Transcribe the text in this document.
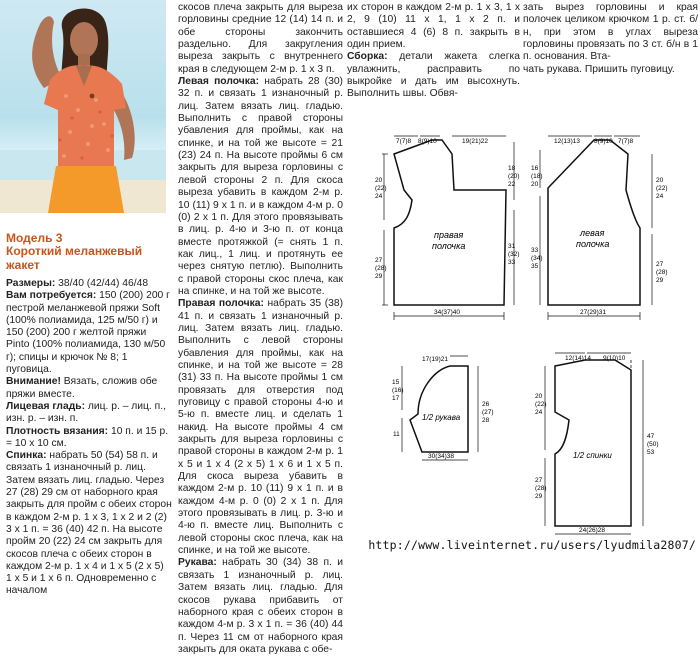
Модель 3
Короткий меланжевый жакет
Размеры: 38/40 (42/44) 46/48
Вам потребуется: 150 (200) 200 г пестрой меланжевой пряжи Soft (100% полиамида, 125 м/50 г) и 150 (200) 200 г желтой пряжи Pinto (100% полиамида, 130 м/50 г); спицы и крючок № 8; 1 пуговица.
Внимание! Вязать, сложив обе пряжи вместе.
Лицевая гладь: лиц. р. – лиц. п., изн. р. – изн. п.
Плотность вязания: 10 п. и 15 р. = 10 х 10 см.
Спинка: набрать 50 (54) 58 п. и связать 1 изнаночный р. лиц. Затем вязать лиц. гладью. Через 27 (28) 29 см от наборного края закрыть для пройм с обеих сторон в каждом 2-м р. 1 х 3, 1 х 2 и 2 (2) 3 х 1 п. = 36 (40) 42 п. На высоте пройм 20 (22) 24 см закрыть для скосов плеча с обеих сторон в каждом 2-м р. 1 х 4 и 1 х 5 (2 х 5) 1 х 5 и 1 х 6 п. Одновременно с началом
скосов плеча закрыть для выреза горловины средние 12 (14) 14 п. и обе стороны закончить раздельно. Для закругления выреза закрыть с внутреннего края в следующем 2-м р. 1 х 3 п.
Левая полочка: набрать 28 (30) 32 п. и связать 1 изнаночный р. лиц. Затем вязать лиц. гладью. Выполнить с правой стороны убавления для проймы, как на спинке, и на той же высоте = 21 (23) 24 п. На высоте проймы 6 см закрыть для выреза горловины с левой стороны 2 п. Для скоса выреза убавить в каждом 2-м р. 10 (11) 9 х 1 п. и в каждом 4-м р. 0 (0) 2 х 1 п. Для этого провязывать в лиц. р. 4-ю и 3-ю п. от конца вместе протяжкой (= снять 1 п. как лиц., 1 лиц. и протянуть ее через снятую петлю). Выполнить с правой стороны скос плеча, как на спинке, и на той же высоте.
Правая полочка: набрать 35 (38) 41 п. и связать 1 изнаночный р. лиц. Затем вязать лиц. гладью. Выполнить с левой стороны убавления для проймы, как на спинке, и на той же высоте = 28 (31) 33 п. На высоте проймы 1 см провязать для отверстия под пуговицу с правой стороны 4-ю и 5-ю п. вместе лиц. и сделать 1 накид. На высоте проймы 4 см закрыть для выреза горловины с правой стороны в каждом 2-м р. 1 х 5 и 1 х 4 (2 х 5) 1 х 6 и 1 х 5 п. Для скоса выреза убавить в каждом 2-м р. 10 (11) 9 х 1 п. и в каждом 4-м р. 0 (0) 2 х 1 п. Для этого провязывать в лиц. р. 3-ю и 4-ю п. вместе лиц. Выполнить с левой стороны скос плеча, как на спинке, и на той же высоте.
Рукава: набрать 30 (34) 38 п. и связать 1 изнаночный р. лиц. Затем вязать лиц. гладью. Для скосов рукава прибавить от наборного края с обеих сторон в каждом 4-м р. 3 х 1 п. = 36 (40) 44 п. Через 11 см от наборного края закрыть для оката рукава с обе-
их сторон в каждом 2-м р. 1 х 3, 1 х 2, 9 (10) 11 х 1, 1 х 2 п. и оставшиеся 4 (6) 8 п. закрыть в один прием.
Сборка: детали жакета слегка увлажнить, расправить по выкройке и дать им высохнуть. Выполнить швы. Обвя-
зать вырез горловины и края полочек целиком крючком 1 р. ст. б/н, при этом в углах выреза горловины провязать по 3 ст. б/н в 1 п. основания. Вта-
чать рукава. Пришить пуговицу.
правая
полочка
7(7)8 8(9)10	19(21)22
20 (22) 24
27 (28) 29
18 (20) 22
31 (32) 33
34(37)40
левая
полочка
12(13)13 8(9)10 7(7)8
16 (18) 20
33 (34) 35
20 (22) 24
27 (28) 29
27(29)31
1/2 рукава
17(19)21
15 (16) 17
11
26 (27) 28
30(34)38	1/2 спинки
12(14)14 9(10)10
20 (22) 24
27 (28) 29
47 (50) 53
24(26)28
http://www.liveinternet.ru/users/lyudmila2807/
